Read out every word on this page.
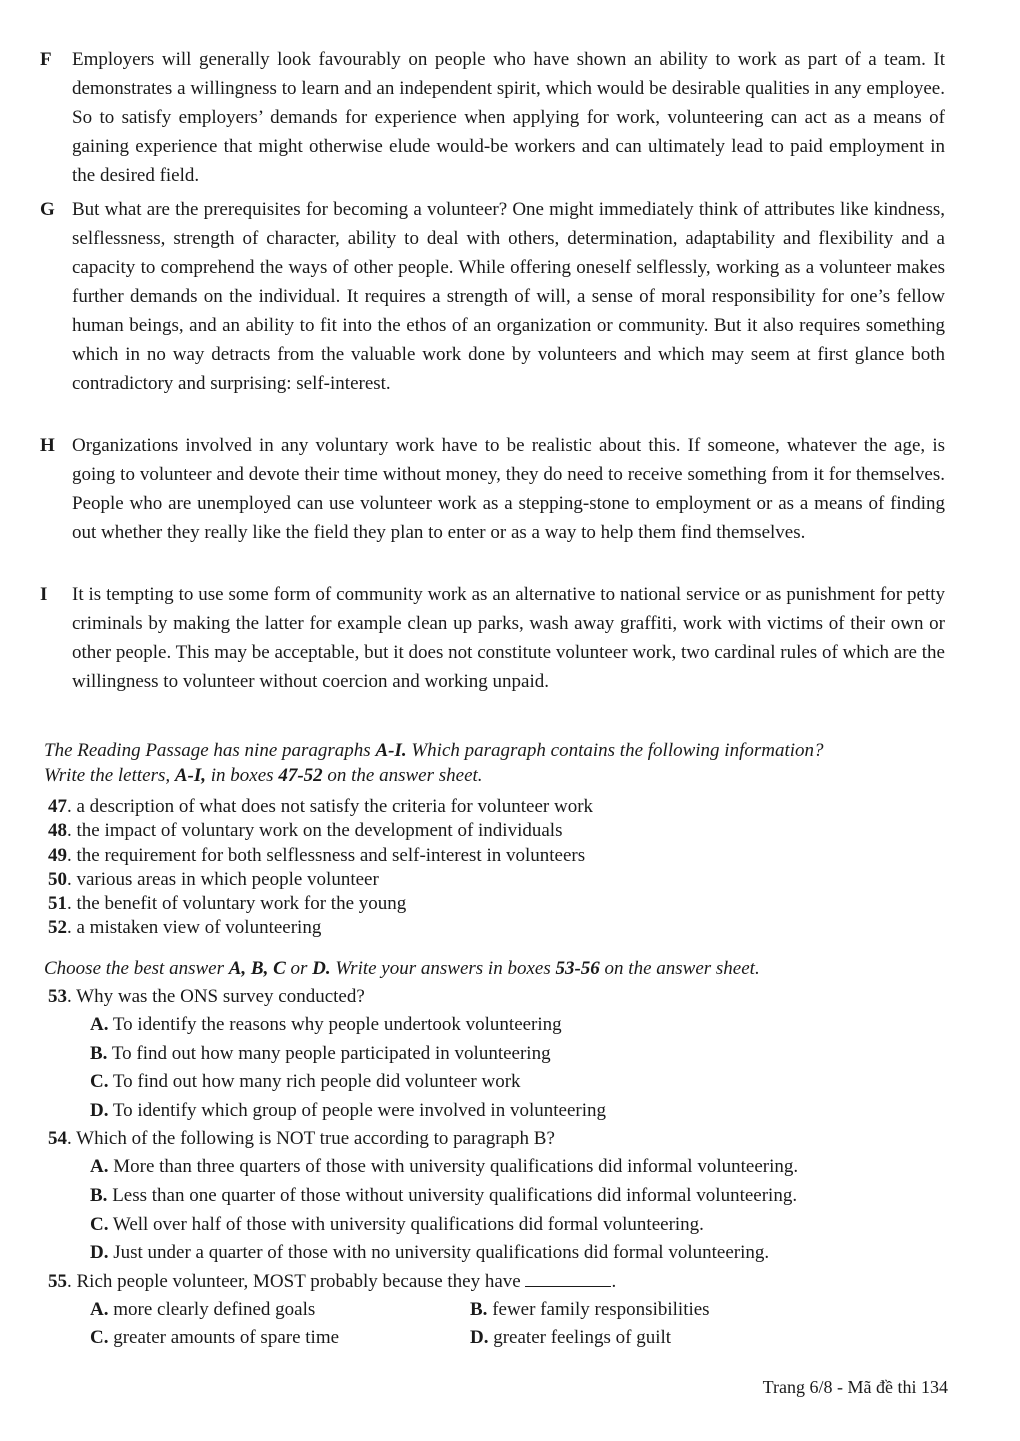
F Employers will generally look favourably on people who have shown an ability to work as part of a team. It demonstrates a willingness to learn and an independent spirit, which would be desirable qualities in any employee. So to satisfy employers’ demands for experience when applying for work, volunteering can act as a means of gaining experience that might otherwise elude would-be workers and can ultimately lead to paid employment in the desired field.
G But what are the prerequisites for becoming a volunteer? One might immediately think of attributes like kindness, selflessness, strength of character, ability to deal with others, determination, adaptability and flexibility and a capacity to comprehend the ways of other people. While offering oneself selflessly, working as a volunteer makes further demands on the individual. It requires a strength of will, a sense of moral responsibility for one’s fellow human beings, and an ability to fit into the ethos of an organization or community. But it also requires something which in no way detracts from the valuable work done by volunteers and which may seem at first glance both contradictory and surprising: self-interest.
H Organizations involved in any voluntary work have to be realistic about this. If someone, whatever the age, is going to volunteer and devote their time without money, they do need to receive something from it for themselves. People who are unemployed can use volunteer work as a stepping-stone to employment or as a means of finding out whether they really like the field they plan to enter or as a way to help them find themselves.
I It is tempting to use some form of community work as an alternative to national service or as punishment for petty criminals by making the latter for example clean up parks, wash away graffiti, work with victims of their own or other people. This may be acceptable, but it does not constitute volunteer work, two cardinal rules of which are the willingness to volunteer without coercion and working unpaid.
The Reading Passage has nine paragraphs A-I. Which paragraph contains the following information?
Write the letters, A-I, in boxes 47-52 on the answer sheet.
47. a description of what does not satisfy the criteria for volunteer work
48. the impact of voluntary work on the development of individuals
49. the requirement for both selflessness and self-interest in volunteers
50. various areas in which people volunteer
51. the benefit of voluntary work for the young
52. a mistaken view of volunteering
Choose the best answer A, B, C or D. Write your answers in boxes 53-56 on the answer sheet.
53. Why was the ONS survey conducted?
A. To identify the reasons why people undertook volunteering
B. To find out how many people participated in volunteering
C. To find out how many rich people did volunteer work
D. To identify which group of people were involved in volunteering
54. Which of the following is NOT true according to paragraph B?
A. More than three quarters of those with university qualifications did informal volunteering.
B. Less than one quarter of those without university qualifications did informal volunteering.
C. Well over half of those with university qualifications did formal volunteering.
D. Just under a quarter of those with no university qualifications did formal volunteering.
55. Rich people volunteer, MOST probably because they have	.
A. more clearly defined goals	B. fewer family responsibilities
C. greater amounts of spare time	D. greater feelings of guilt
Trang 6/8 - Mã đề thi 134
